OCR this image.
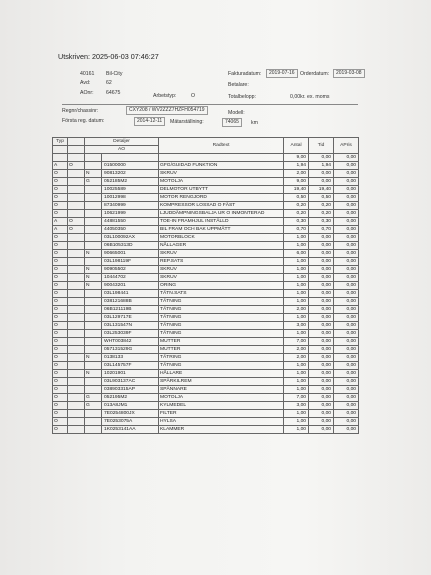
Utskriven: 2025-06-03 07:46:27
40161 Bil-City
Avd:	62
AOnr: 64675	Arbetstyp:	O
Fakturadatum:	2019-07-16	Orderdatum:	2019-03-08
Betalare:
Totalbelopp:	0,00kr. ex. moms
Regnr/chassinr:	CXY208 / WV2ZZZ7HZFH054719	Modell:
Första reg. datum:	2014-12-11	Mätarställning:	74065	km
Typ		Detaljer		Radtext	Antal	Tid	APris
		AO					
					9,00	0,00	0,00
A	O		01500000	GFG/GUIDAD FUNKTION	1,94	1,94	0,00
O		N	90813202	SKRUV	2,00	0,00	0,00
O		G	052185M2	MOTOLJA	9,00	0,00	0,00
O			10025589	DELMOTOR UTBYTT	19,40	19,40	0,00
O			10012998	MOTOR RENGJORD	0,50	0,50	0,00
O			87340999	KOMPRESSOR LOSSAD O FÄST	0,20	0,20	0,00
O			10621999	LJUDDÄMPNINGSBALJA UR O INMONTERAD	0,20	0,20	0,00
A	O		44881550	TOE-IN FRAMHJUL INSTÄLLD	0,30	0,30	0,00
A	O		44050350	BIL FRAM OCH BAK UPPMÄTT	0,70	0,70	0,00
O			03L100092AX	MOTORBLOCK	1,00	0,00	0,00
O			06B105313D	NÅLLAGER	1,00	0,00	0,00
O		N	90665001	SKRUV	6,00	0,00	0,00
O			03L198119F	REP.SATS	1,00	0,00	0,00
O		N	90905502	SKRUV	1,00	0,00	0,00
O		N	10444702	SKRUV	1,00	0,00	0,00
O		N	90043201	ORING	1,00	0,00	0,00
O			03L198441	TÄTN.SATS	1,00	0,00	0,00
O			038121688B	TÄTNING	1,00	0,00	0,00
O			06B121119B	TÄTNING	2,00	0,00	0,00
O			03L129717E	TÄTNING	1,00	0,00	0,00
O			03L131547N	TÄTNING	3,00	0,00	0,00
O			03L253039F	TÄTNING	1,00	0,00	0,00
O			WHT003842	MUTTER	7,00	0,00	0,00
O			057131529G	MUTTER	2,00	0,00	0,00
O		N	0138133	TÄTRING	2,00	0,00	0,00
O			03L145757F	TÄTNING	1,00	0,00	0,00
O		N	10201901	HÅLLARE	1,00	0,00	0,00
O			03L903137AC	SPÄRKILREM	1,00	0,00	0,00
O			038903315AP	SPÄNNARE	1,00	0,00	0,00
O		G	052195M2	MOTOLJA	7,00	0,00	0,00
O		G	013A8JM1	KYLMEDEL	3,00	0,00	0,00
O			7E0254800JX	FILTER	1,00	0,00	0,00
O			7E0253075A	HYLSA	1,00	0,00	0,00
O			1K0253141AA	KLAMMER	1,00	0,00	0,00
